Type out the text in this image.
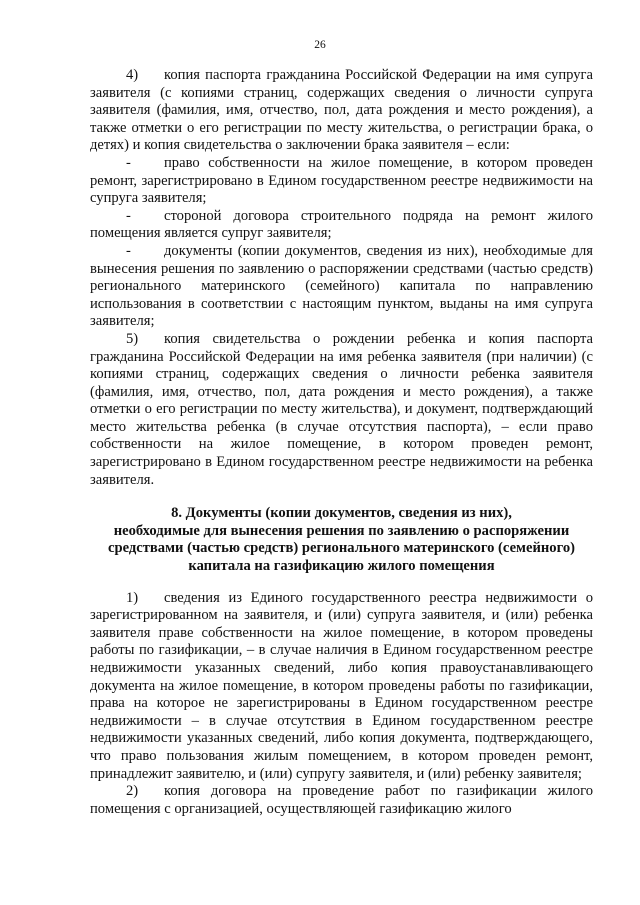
26

4) копия паспорта гражданина Российской Федерации на имя супруга заявителя (с копиями страниц, содержащих сведения о личности супруга заявителя (фамилия, имя, отчество, пол, дата рождения и место рождения), а также отметки о его регистрации по месту жительства, о регистрации брака, о детях) и копия свидетельства о заключении брака заявителя – если:

- право собственности на жилое помещение, в котором проведен ремонт, зарегистрировано в Едином государственном реестре недвижимости на супруга заявителя;

- стороной договора строительного подряда на ремонт жилого помещения является супруг заявителя;

- документы (копии документов, сведения из них), необходимые для вынесения решения по заявлению о распоряжении средствами (частью средств) регионального материнского (семейного) капитала по направлению использования в соответствии с настоящим пунктом, выданы на имя супруга заявителя;

5) копия свидетельства о рождении ребенка и копия паспорта гражданина Российской Федерации на имя ребенка заявителя (при наличии) (с копиями страниц, содержащих сведения о личности ребенка заявителя (фамилия, имя, отчество, пол, дата рождения и место рождения), а также отметки о его регистрации по месту жительства), и документ, подтверждающий место жительства ребенка (в случае отсутствия паспорта), – если право собственности на жилое помещение, в котором проведен ремонт, зарегистрировано в Едином государственном реестре недвижимости на ребенка заявителя.

8. Документы (копии документов, сведения из них),
необходимые для вынесения решения по заявлению о распоряжении
средствами (частью средств) регионального материнского (семейного)
капитала на газификацию жилого помещения

1) сведения из Единого государственного реестра недвижимости о зарегистрированном на заявителя, и (или) супруга заявителя, и (или) ребенка заявителя праве собственности на жилое помещение, в котором проведены работы по газификации, – в случае наличия в Едином государственном реестре недвижимости указанных сведений, либо копия правоустанавливающего документа на жилое помещение, в котором проведены работы по газификации, права на которое не зарегистрированы в Едином государственном реестре недвижимости – в случае отсутствия в Едином государственном реестре недвижимости указанных сведений, либо копия документа, подтверждающего, что право пользования жилым помещением, в котором проведен ремонт, принадлежит заявителю, и (или) супругу заявителя, и (или) ребенку заявителя;

2) копия договора на проведение работ по газификации жилого помещения с организацией, осуществляющей газификацию жилого
